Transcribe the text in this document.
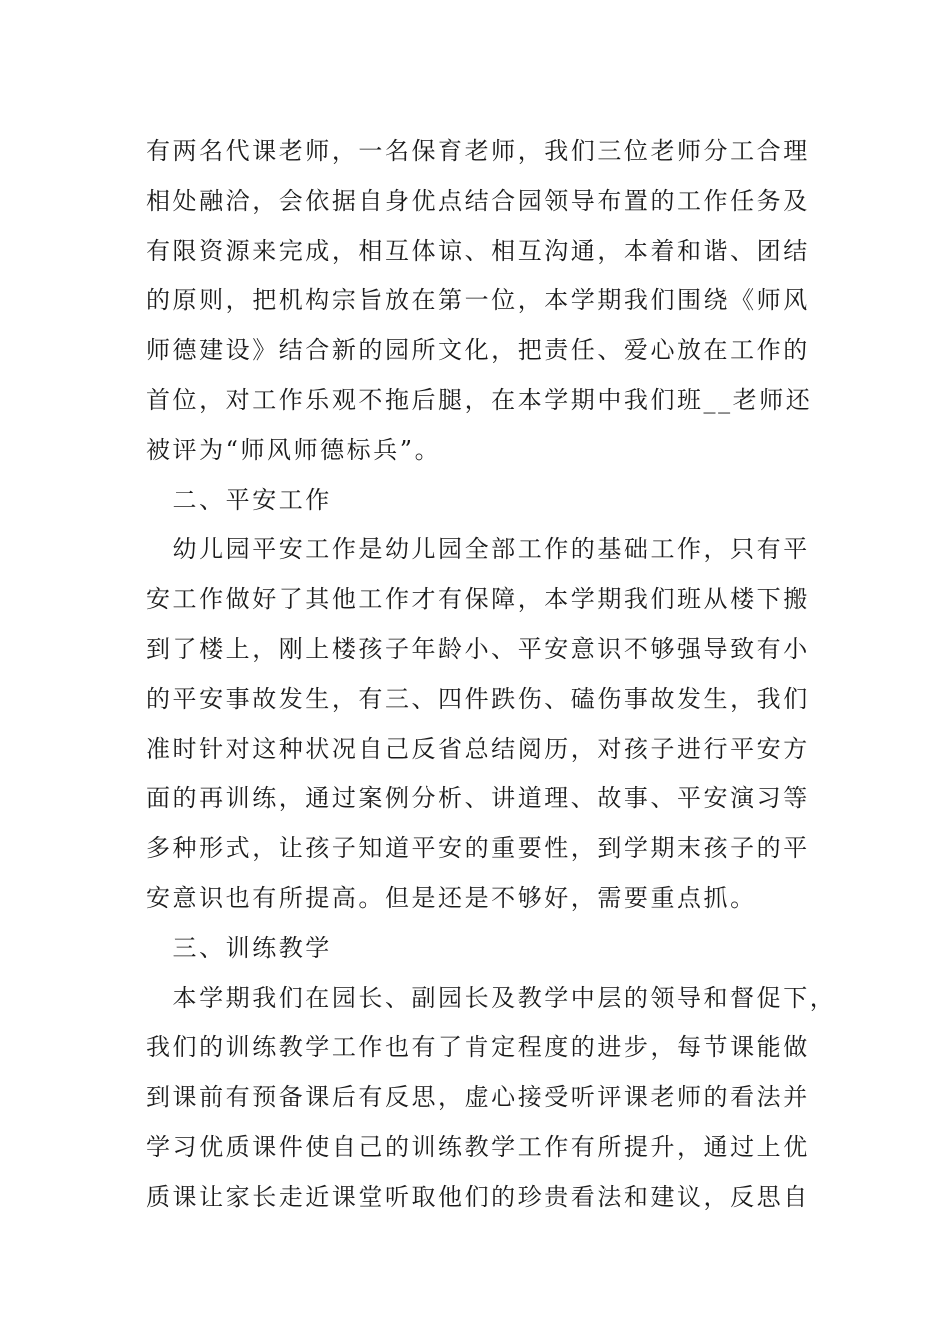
有两名代课老师，一名保育老师，我们三位老师分工合理
相处融洽，会依据自身优点结合园领导布置的工作任务及
有限资源来完成，相互体谅、相互沟通，本着和谐、团结
的原则，把机构宗旨放在第一位，本学期我们围绕《师风
师德建设》结合新的园所文化，把责任、爱心放在工作的
首位，对工作乐观不拖后腿，在本学期中我们班__老师还
被评为“师风师德标兵”。
　二、平安工作
　幼儿园平安工作是幼儿园全部工作的基础工作，只有平
安工作做好了其他工作才有保障，本学期我们班从楼下搬
到了楼上，刚上楼孩子年龄小、平安意识不够强导致有小
的平安事故发生，有三、四件跌伤、磕伤事故发生，我们
准时针对这种状况自己反省总结阅历，对孩子进行平安方
面的再训练，通过案例分析、讲道理、故事、平安演习等
多种形式，让孩子知道平安的重要性，到学期末孩子的平
安意识也有所提高。但是还是不够好，需要重点抓。
　三、训练教学
　本学期我们在园长、副园长及教学中层的领导和督促下，
我们的训练教学工作也有了肯定程度的进步，每节课能做
到课前有预备课后有反思，虚心接受听评课老师的看法并
学习优质课件使自己的训练教学工作有所提升，通过上优
质课让家长走近课堂听取他们的珍贵看法和建议，反思自
